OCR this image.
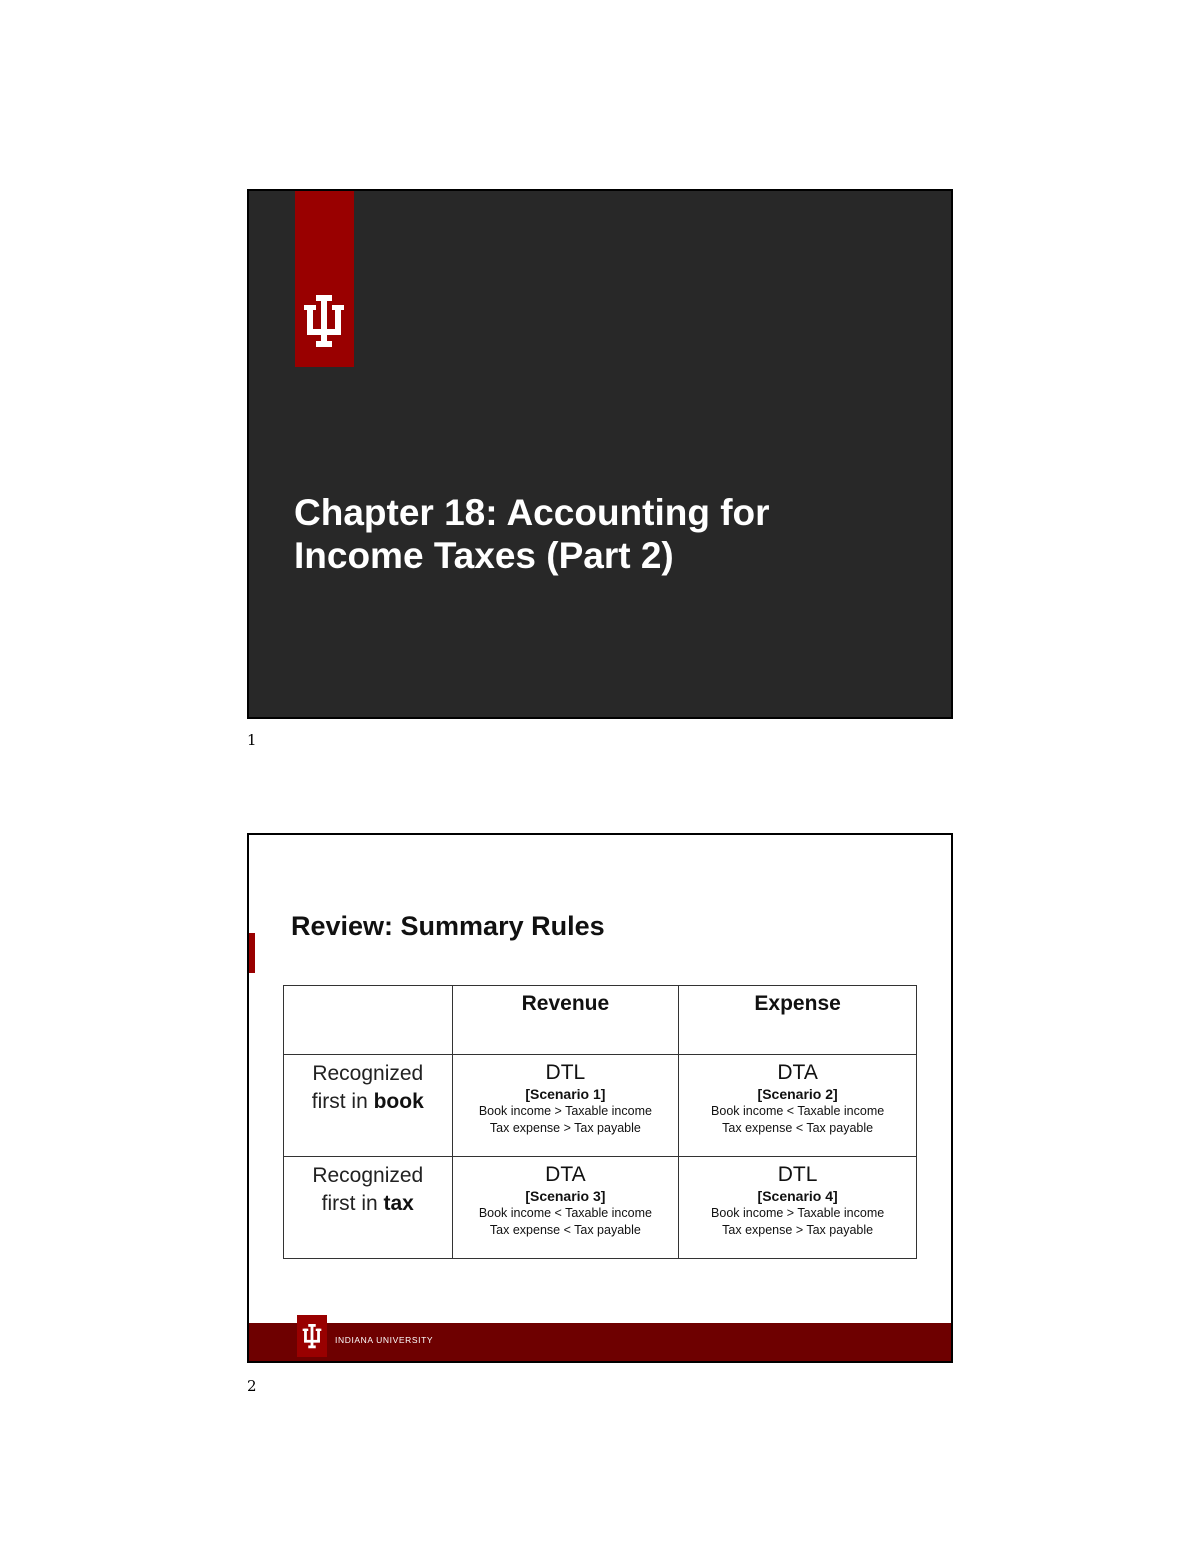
Chapter 18: Accounting for
Income Taxes (Part 2)
1
Review: Summary Rules

	Revenue	Expense

Recognized
first in book	DTL
[Scenario 1]
Book income > Taxable income
Tax expense > Tax payable	DTA
[Scenario 2]
Book income < Taxable income
Tax expense < Tax payable

Recognized
first in tax	DTA
[Scenario 3]
Book income < Taxable income
Tax expense < Tax payable	DTL
[Scenario 4]
Book income > Taxable income
Tax expense > Tax payable
INDIANA UNIVERSITY
2
